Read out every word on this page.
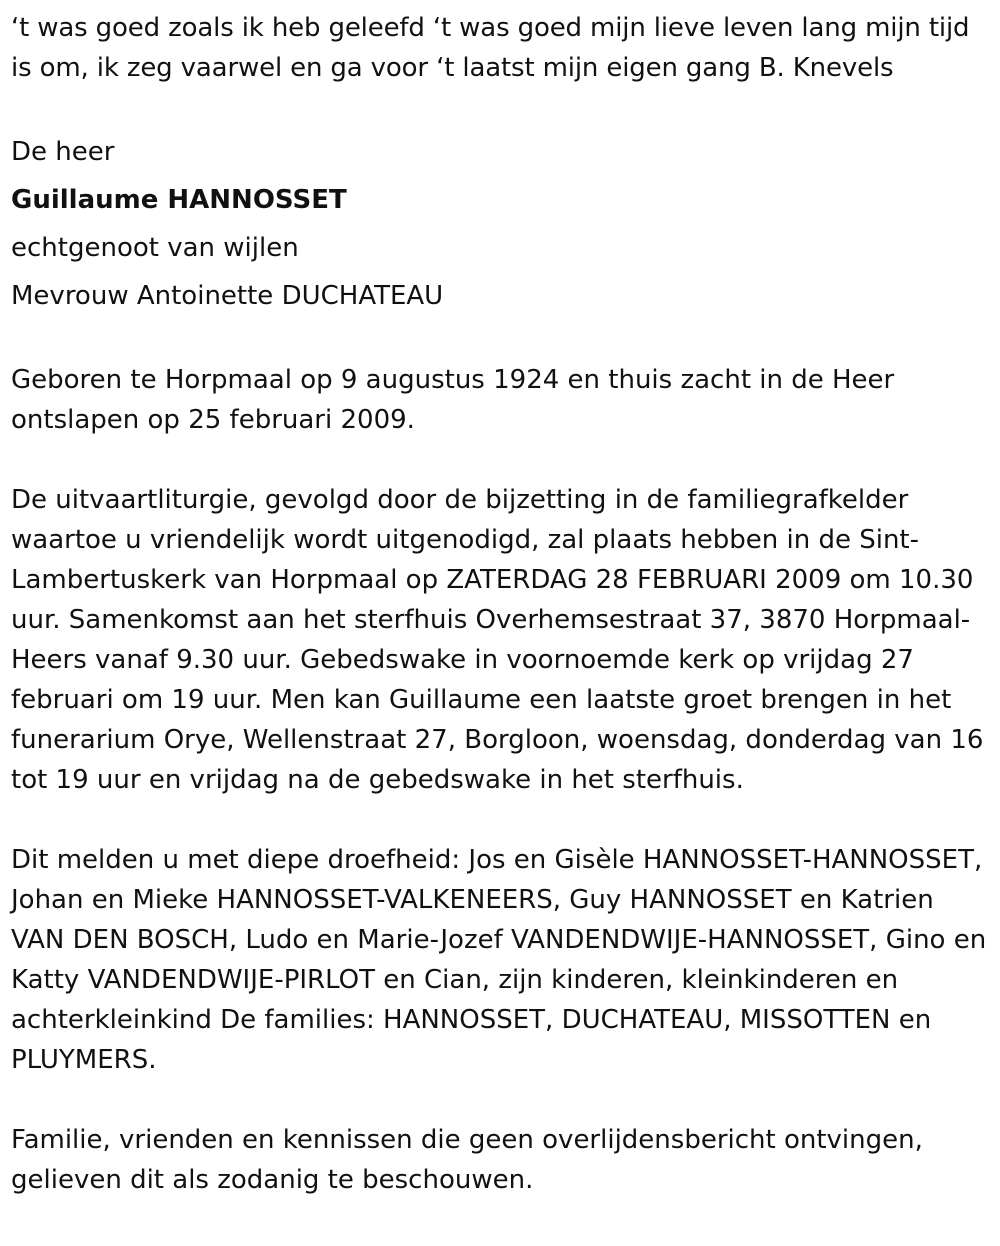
‘t was goed zoals ik heb geleefd ‘t was goed mijn lieve leven lang mijn tijd is om, ik zeg vaarwel en ga voor ‘t laatst mijn eigen gang B. Knevels

De heer

Guillaume HANNOSSET

echtgenoot van wijlen

Mevrouw Antoinette DUCHATEAU

Geboren te Horpmaal op 9 augustus 1924 en thuis zacht in de Heer ontslapen op 25 februari 2009.

De uitvaartliturgie, gevolgd door de bijzetting in de familiegrafkelder waartoe u vriendelijk wordt uitgenodigd, zal plaats hebben in de Sint-Lambertuskerk van Horpmaal op ZATERDAG 28 FEBRUARI 2009 om 10.30 uur. Samenkomst aan het sterfhuis Overhemsestraat 37, 3870 Horpmaal-Heers vanaf 9.30 uur. Gebedswake in voornoemde kerk op vrijdag 27 februari om 19 uur. Men kan Guillaume een laatste groet brengen in het funerarium Orye, Wellenstraat 27, Borgloon, woensdag, donderdag van 16 tot 19 uur en vrijdag na de gebedswake in het sterfhuis.

Dit melden u met diepe droefheid: Jos en Gisèle HANNOSSET-HANNOSSET, Johan en Mieke HANNOSSET-VALKENEERS, Guy HANNOSSET en Katrien VAN DEN BOSCH, Ludo en Marie-Jozef VANDENDWIJE-HANNOSSET, Gino en Katty VANDENDWIJE-PIRLOT en Cian, zijn kinderen, kleinkinderen en achterkleinkind De families: HANNOSSET, DUCHATEAU, MISSOTTEN en PLUYMERS.

Familie, vrienden en kennissen die geen overlijdensbericht ontvingen, gelieven dit als zodanig te beschouwen.
